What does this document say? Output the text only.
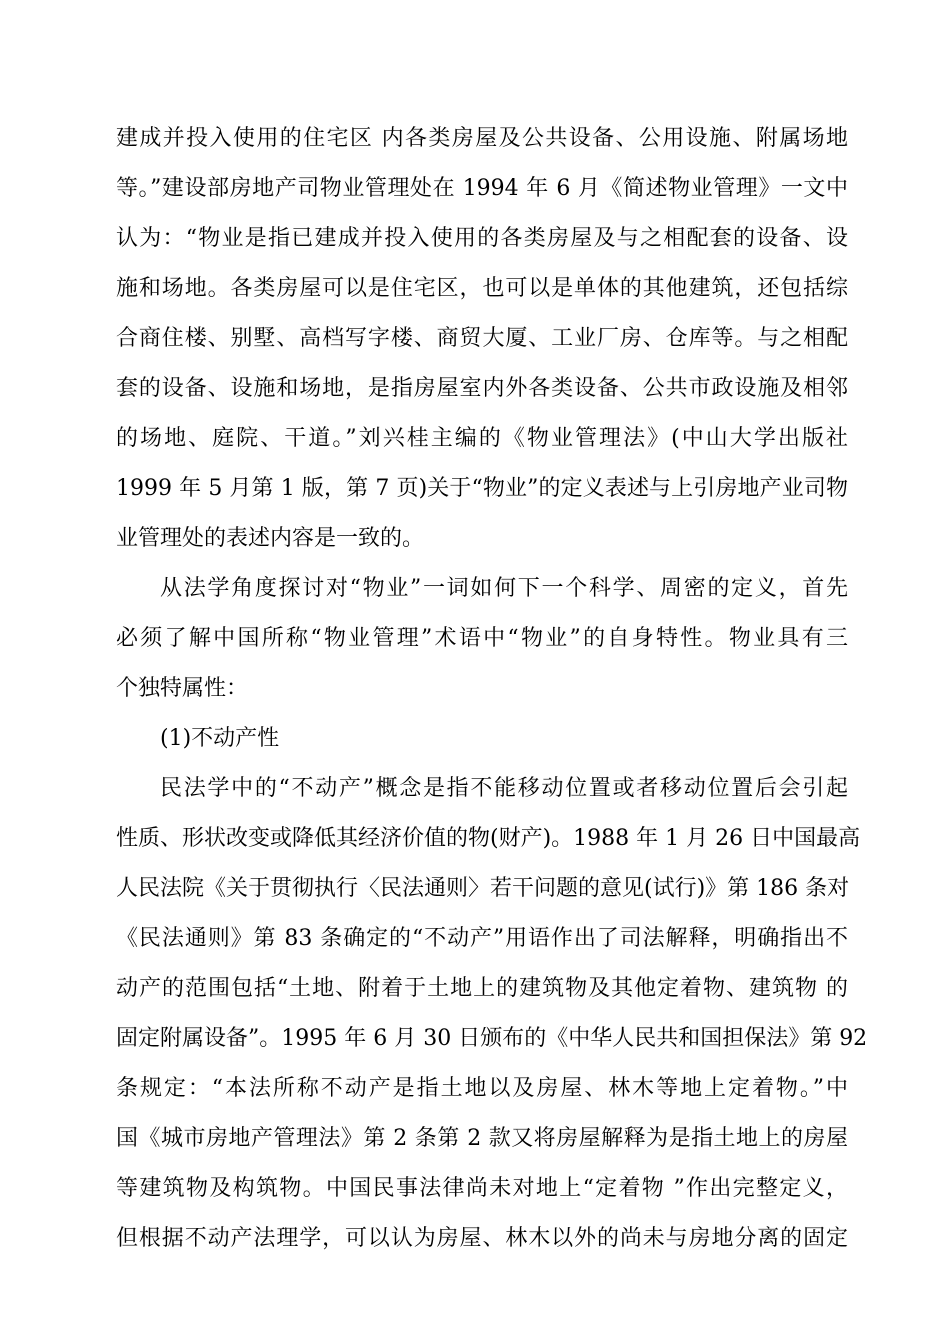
建成并投入使用的住宅区 内各类房屋及公共设备、公用设施、附属场地
等。”建设部房地产司物业管理处在 1994 年 6 月《简述物业管理》一文中
认为：“物业是指已建成并投入使用的各类房屋及与之相配套的设备、设
施和场地。各类房屋可以是住宅区，也可以是单体的其他建筑，还包括综
合商住楼、别墅、高档写字楼、商贸大厦、工业厂房、仓库等。与之相配
套的设备、设施和场地，是指房屋室内外各类设备、公共市政设施及相邻
的场地、庭院、干道。”刘兴桂主编的《物业管理法》(中山大学出版社
1999 年 5 月第 1 版，第 7 页)关于“物业”的定义表述与上引房地产业司物
业管理处的表述内容是一致的。
从法学角度探讨对“物业”一词如何下一个科学、周密的定义，首先
必须了解中国所称“物业管理”术语中“物业”的自身特性。物业具有三
个独特属性：
(1)不动产性
民法学中的“不动产”概念是指不能移动位置或者移动位置后会引起
性质、形状改变或降低其经济价值的物(财产)。1988 年 1 月 26 日中国最高
人民法院《关于贯彻执行〈民法通则〉若干问题的意见(试行)》第 186 条对
《民法通则》第 83 条确定的“不动产”用语作出了司法解释，明确指出不
动产的范围包括“土地、附着于土地上的建筑物及其他定着物、建筑物 的
固定附属设备”。1995 年 6 月 30 日颁布的《中华人民共和国担保法》第 92
条规定：“本法所称不动产是指土地以及房屋、林木等地上定着物。”中
国《城市房地产管理法》第 2 条第 2 款又将房屋解释为是指土地上的房屋
等建筑物及构筑物。中国民事法律尚未对地上“定着物 ”作出完整定义，
但根据不动产法理学，可以认为房屋、林木以外的尚未与房地分离的固定
